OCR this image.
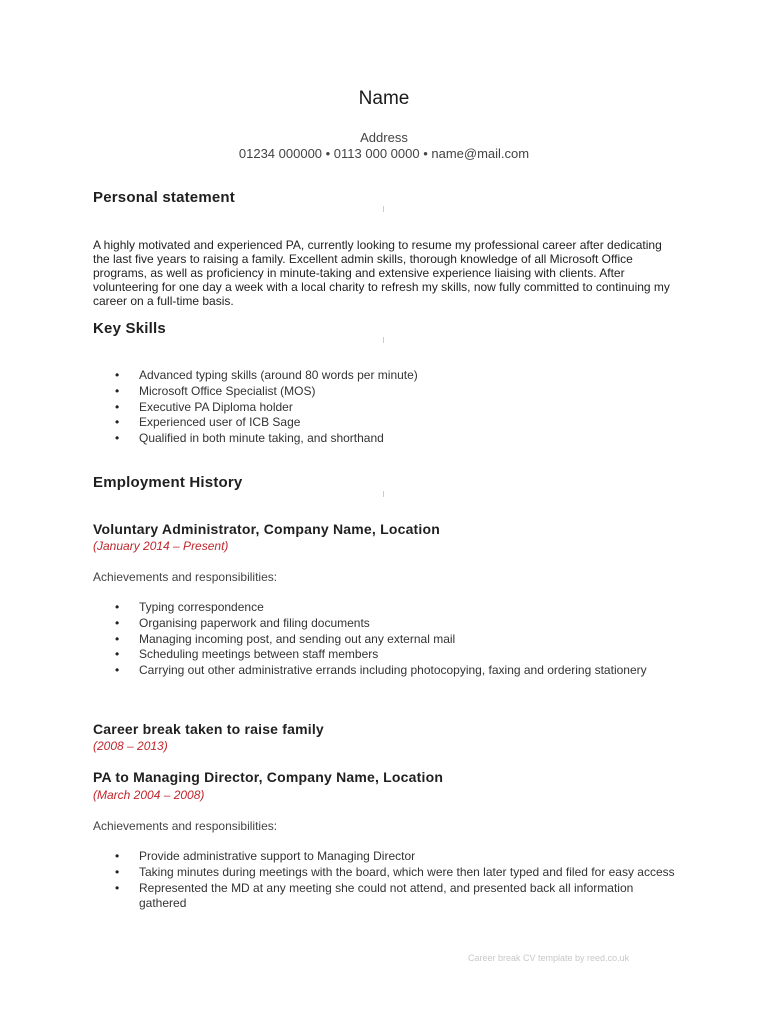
Name
Address
01234 000000 • 0113 000 0000 • name@mail.com
Personal statement
A highly motivated and experienced PA, currently looking to resume my professional career after dedicating the last five years to raising a family. Excellent admin skills, thorough knowledge of all Microsoft Office programs, as well as proficiency in minute-taking and extensive experience liaising with clients. After volunteering for one day a week with a local charity to refresh my skills, now fully committed to continuing my career on a full-time basis.
Key Skills
• Advanced typing skills (around 80 words per minute)
• Microsoft Office Specialist (MOS)
• Executive PA Diploma holder
• Experienced user of ICB Sage
• Qualified in both minute taking, and shorthand
Employment History
Voluntary Administrator, Company Name, Location
(January 2014 – Present)
Achievements and responsibilities:
• Typing correspondence
• Organising paperwork and filing documents
• Managing incoming post, and sending out any external mail
• Scheduling meetings between staff members
• Carrying out other administrative errands including photocopying, faxing and ordering stationery
Career break taken to raise family
(2008 – 2013)
PA to Managing Director, Company Name, Location
(March 2004 – 2008)
Achievements and responsibilities:
• Provide administrative support to Managing Director
• Taking minutes during meetings with the board, which were then later typed and filed for easy access
• Represented the MD at any meeting she could not attend, and presented back all information gathered
Career break CV template by reed.co.uk
